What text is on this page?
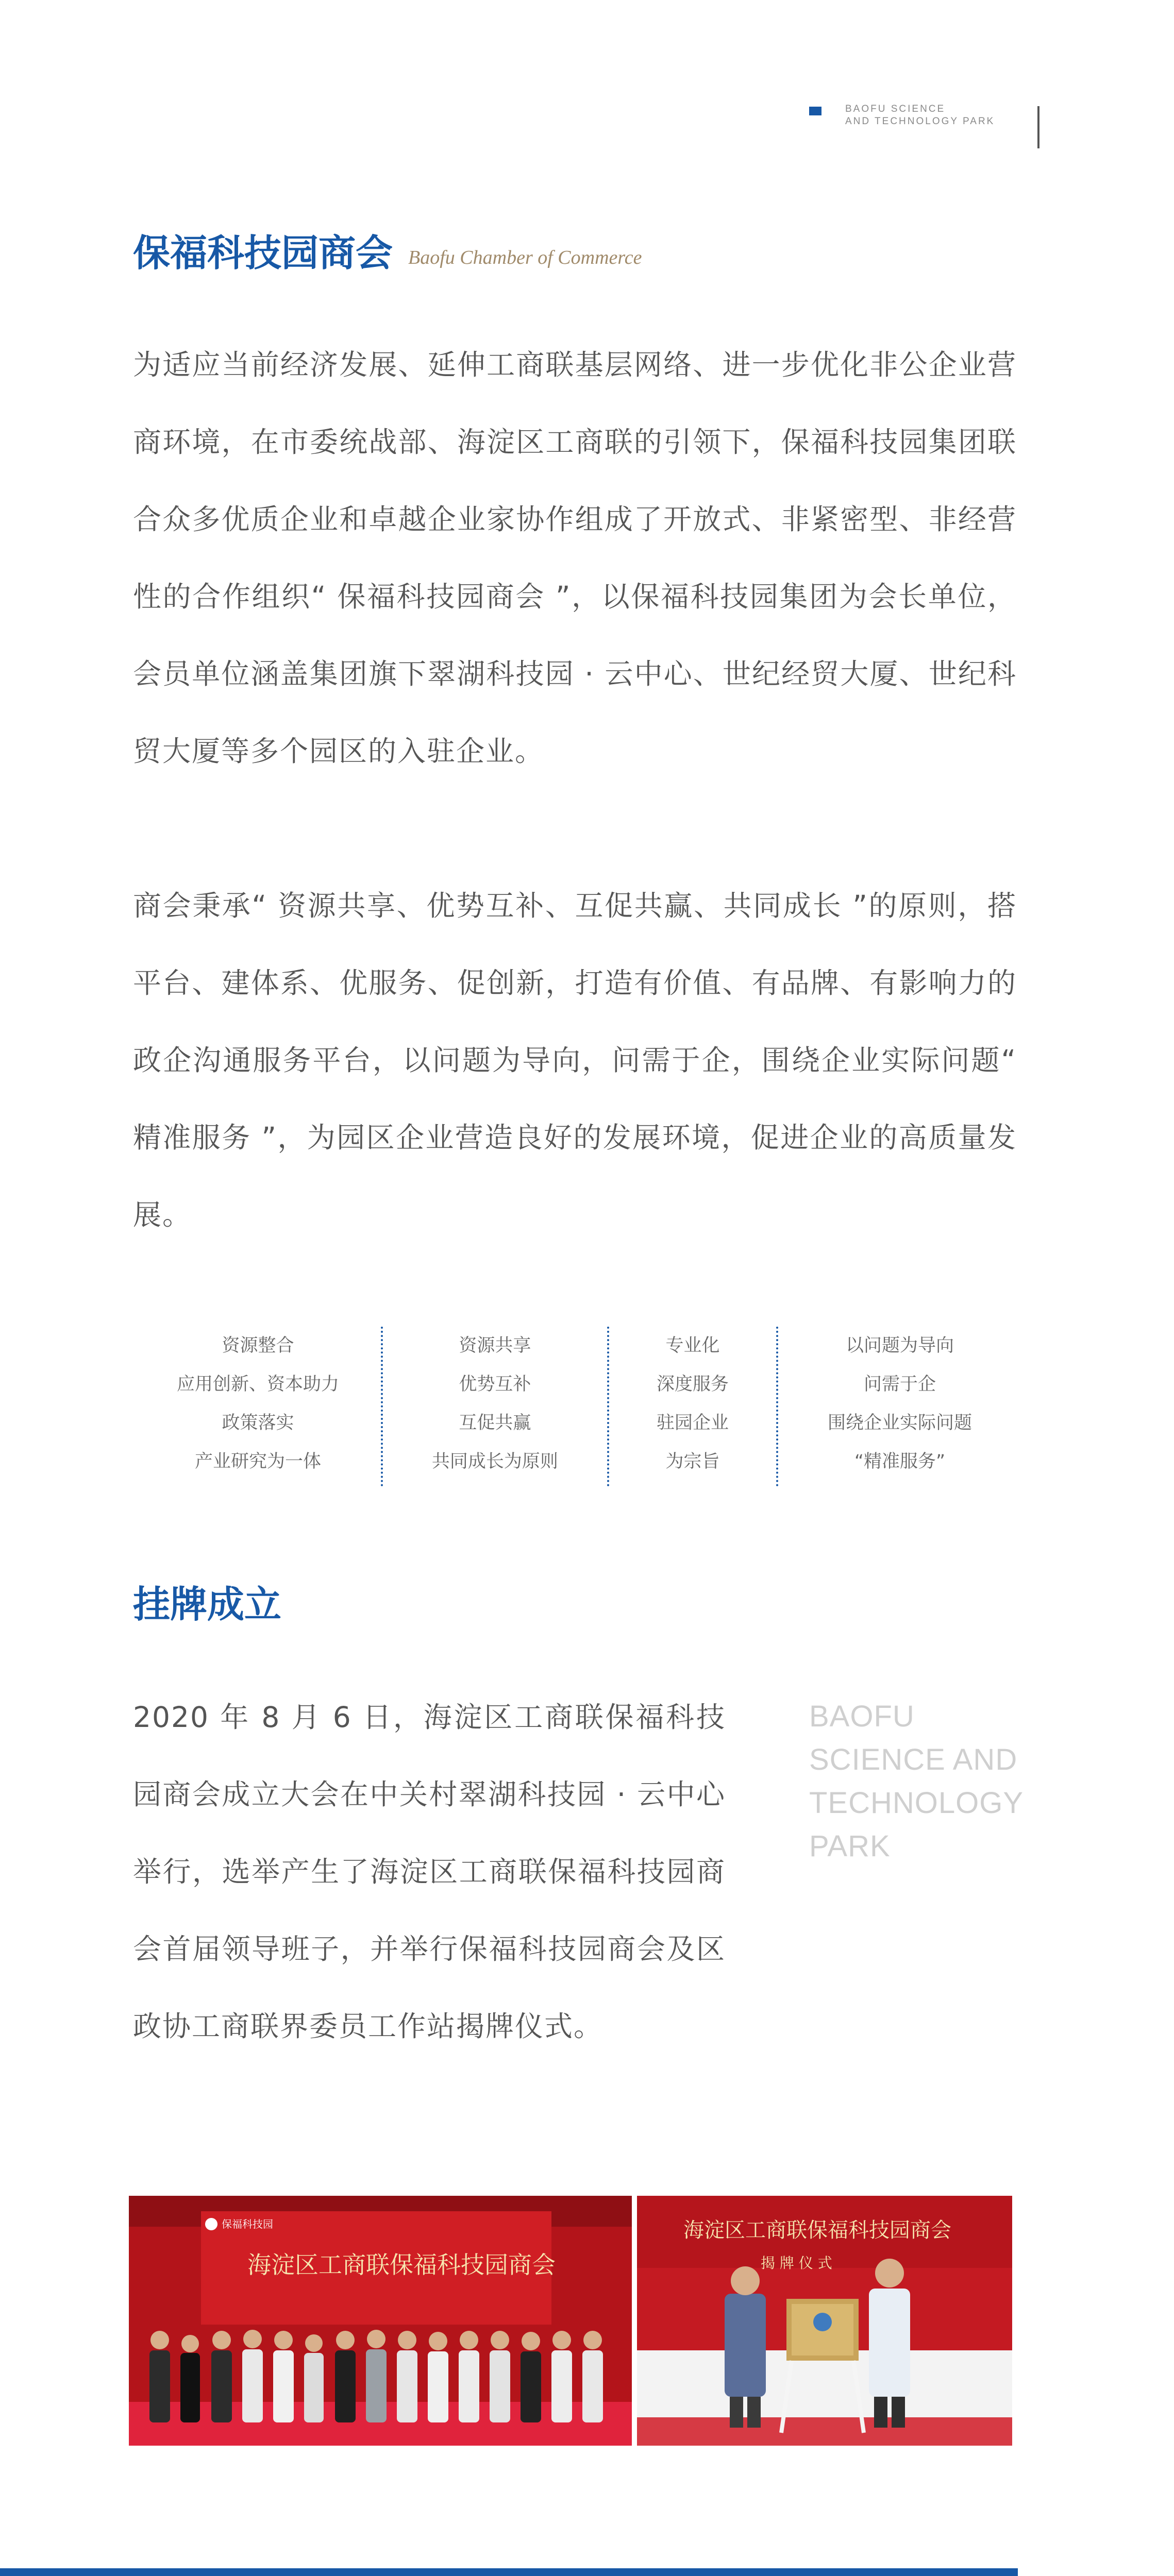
BAOFU SCIENCE
AND TECHNOLOGY PARK
保福科技园商会 Baofu Chamber of Commerce
为适应当前经济发展、延伸工商联基层网络、进一步优化非公企业营商环境，在市委统战部、海淀区工商联的引领下，保福科技园集团联合众多优质企业和卓越企业家协作组成了开放式、非紧密型、非经营性的合作组织“ 保福科技园商会 ”，以保福科技园集团为会长单位，会员单位涵盖集团旗下翠湖科技园 · 云中心、世纪经贸大厦、世纪科贸大厦等多个园区的入驻企业。
商会秉承“ 资源共享、优势互补、互促共赢、共同成长 ”的原则，搭平台、建体系、优服务、促创新，打造有价值、有品牌、有影响力的政企沟通服务平台，以问题为导向，问需于企，围绕企业实际问题“ 精准服务 ”，为园区企业营造良好的发展环境，促进企业的高质量发展。
资源整合
应用创新、资本助力
政策落实
产业研究为一体
资源共享
优势互补
互促共赢
共同成长为原则
专业化
深度服务
驻园企业
为宗旨
以问题为导向
问需于企
围绕企业实际问题
“精准服务”
挂牌成立
2020 年 8 月 6 日，海淀区工商联保福科技园商会成立大会在中关村翠湖科技园 · 云中心举行，选举产生了海淀区工商联保福科技园商会首届领导班子，并举行保福科技园商会及区政协工商联界委员工作站揭牌仪式。
BAOFU
SCIENCE AND
TECHNOLOGY
PARK
保福科技园
海淀区工商联保福科技园商会
海淀区工商联保福科技园商会
揭 牌 仪 式
